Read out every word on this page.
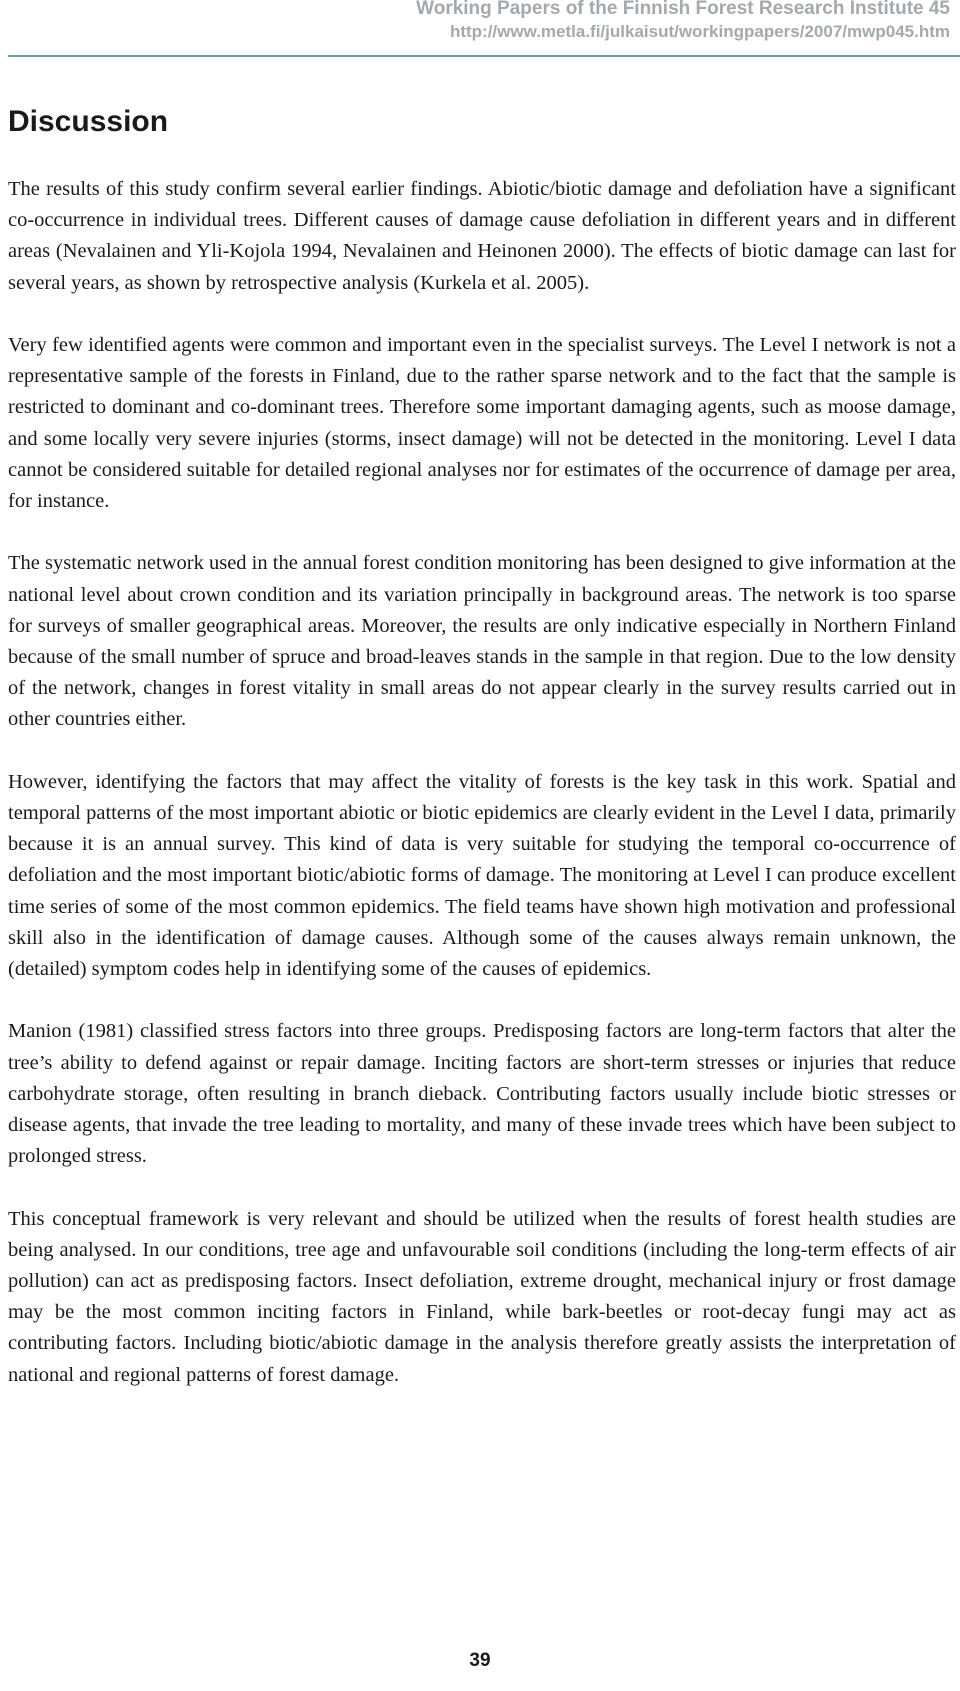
Working Papers of the Finnish Forest Research Institute 45
http://www.metla.fi/julkaisut/workingpapers/2007/mwp045.htm
Discussion

The results of this study confirm several earlier findings. Abiotic/biotic damage and defoliation have a significant co-occurrence in individual trees. Different causes of damage cause defoliation in different years and in different areas (Nevalainen and Yli-Kojola 1994, Nevalainen and Heinonen 2000). The effects of biotic damage can last for several years, as shown by retrospective analysis (Kurkela et al. 2005).

Very few identified agents were common and important even in the specialist surveys. The Level I network is not a representative sample of the forests in Finland, due to the rather sparse network and to the fact that the sample is restricted to dominant and co-dominant trees. Therefore some important damaging agents, such as moose damage, and some locally very severe injuries (storms, insect damage) will not be detected in the monitoring. Level I data cannot be considered suitable for detailed regional analyses nor for estimates of the occurrence of damage per area, for instance.

The systematic network used in the annual forest condition monitoring has been designed to give information at the national level about crown condition and its variation principally in background areas. The network is too sparse for surveys of smaller geographical areas. Moreover, the results are only indicative especially in Northern Finland because of the small number of spruce and broad-leaves stands in the sample in that region. Due to the low density of the network, changes in forest vitality in small areas do not appear clearly in the survey results carried out in other countries either.

However, identifying the factors that may affect the vitality of forests is the key task in this work. Spatial and temporal patterns of the most important abiotic or biotic epidemics are clearly evident in the Level I data, primarily because it is an annual survey. This kind of data is very suitable for studying the temporal co-occurrence of defoliation and the most important biotic/abiotic forms of damage. The monitoring at Level I can produce excellent time series of some of the most common epidemics. The field teams have shown high motivation and professional skill also in the identification of damage causes. Although some of the causes always remain unknown, the (detailed) symptom codes help in identifying some of the causes of epidemics.

Manion (1981) classified stress factors into three groups. Predisposing factors are long-term factors that alter the tree’s ability to defend against or repair damage. Inciting factors are short-term stresses or injuries that reduce carbohydrate storage, often resulting in branch dieback. Contributing factors usually include biotic stresses or disease agents, that invade the tree leading to mortality, and many of these invade trees which have been subject to prolonged stress.

This conceptual framework is very relevant and should be utilized when the results of forest health studies are being analysed. In our conditions, tree age and unfavourable soil conditions (including the long-term effects of air pollution) can act as predisposing factors. Insect defoliation, extreme drought, mechanical injury or frost damage may be the most common inciting factors in Finland, while bark-beetles or root-decay fungi may act as contributing factors. Including biotic/abiotic damage in the analysis therefore greatly assists the interpretation of national and regional patterns of forest damage.

39
